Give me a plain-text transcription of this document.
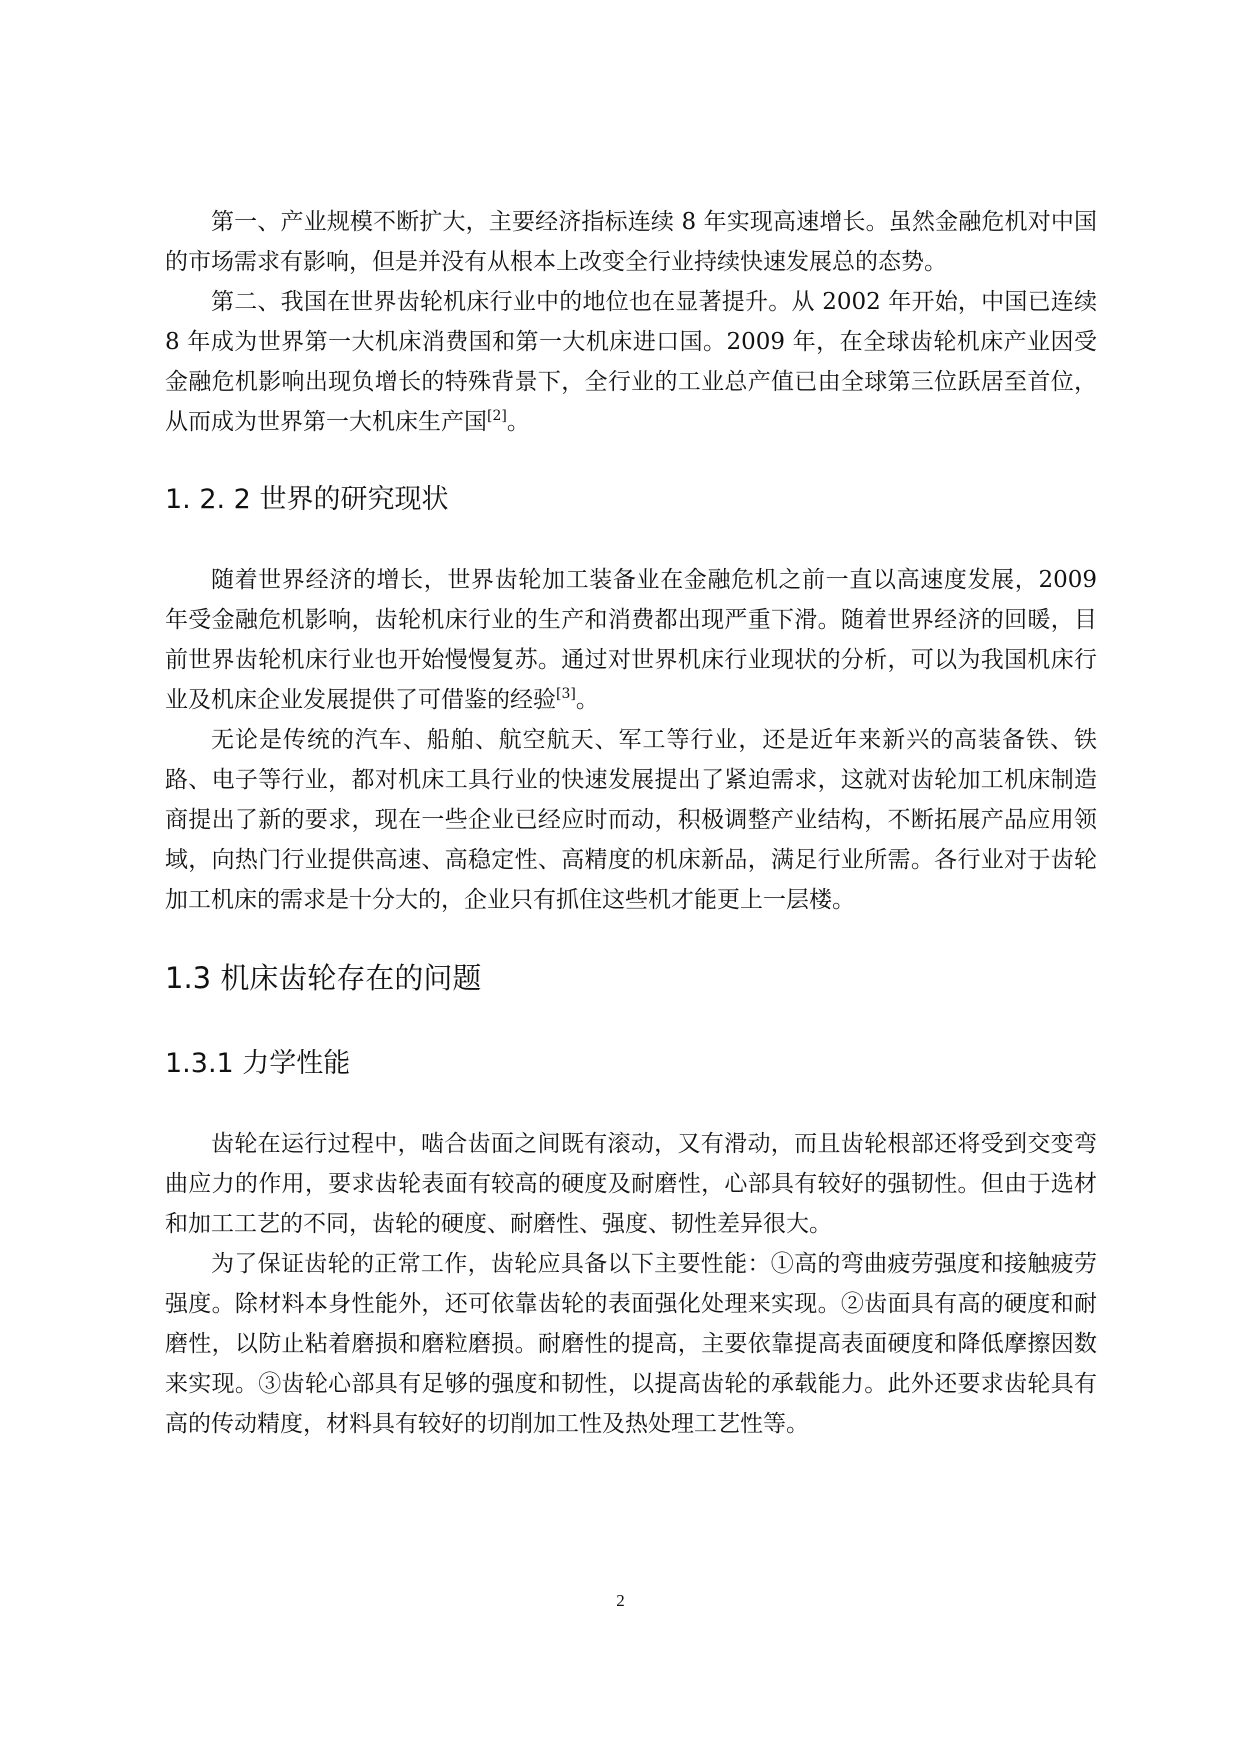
第一、产业规模不断扩大，主要经济指标连续 8 年实现高速增长。虽然金融危机对中国的市场需求有影响，但是并没有从根本上改变全行业持续快速发展总的态势。

第二、我国在世界齿轮机床行业中的地位也在显著提升。从 2002 年开始，中国已连续 8 年成为世界第一大机床消费国和第一大机床进口国。2009 年，在全球齿轮机床产业因受金融危机影响出现负增长的特殊背景下，全行业的工业总产值已由全球第三位跃居至首位，从而成为世界第一大机床生产国[2]。

1. 2. 2 世界的研究现状

随着世界经济的增长，世界齿轮加工装备业在金融危机之前一直以高速度发展，2009年受金融危机影响，齿轮机床行业的生产和消费都出现严重下滑。随着世界经济的回暖，目前世界齿轮机床行业也开始慢慢复苏。通过对世界机床行业现状的分析，可以为我国机床行业及机床企业发展提供了可借鉴的经验[3]。

无论是传统的汽车、船舶、航空航天、军工等行业，还是近年来新兴的高装备铁、铁路、电子等行业，都对机床工具行业的快速发展提出了紧迫需求，这就对齿轮加工机床制造商提出了新的要求，现在一些企业已经应时而动，积极调整产业结构，不断拓展产品应用领域，向热门行业提供高速、高稳定性、高精度的机床新品，满足行业所需。各行业对于齿轮加工机床的需求是十分大的，企业只有抓住这些机才能更上一层楼。

1.3 机床齿轮存在的问题
1.3.1 力学性能

齿轮在运行过程中，啮合齿面之间既有滚动，又有滑动，而且齿轮根部还将受到交变弯曲应力的作用，要求齿轮表面有较高的硬度及耐磨性，心部具有较好的强韧性。但由于选材和加工工艺的不同，齿轮的硬度、耐磨性、强度、韧性差异很大。

为了保证齿轮的正常工作，齿轮应具备以下主要性能：①高的弯曲疲劳强度和接触疲劳强度。除材料本身性能外，还可依靠齿轮的表面强化处理来实现。②齿面具有高的硬度和耐磨性，以防止粘着磨损和磨粒磨损。耐磨性的提高，主要依靠提高表面硬度和降低摩擦因数来实现。③齿轮心部具有足够的强度和韧性，以提高齿轮的承载能力。此外还要求齿轮具有高的传动精度，材料具有较好的切削加工性及热处理工艺性等。

2
